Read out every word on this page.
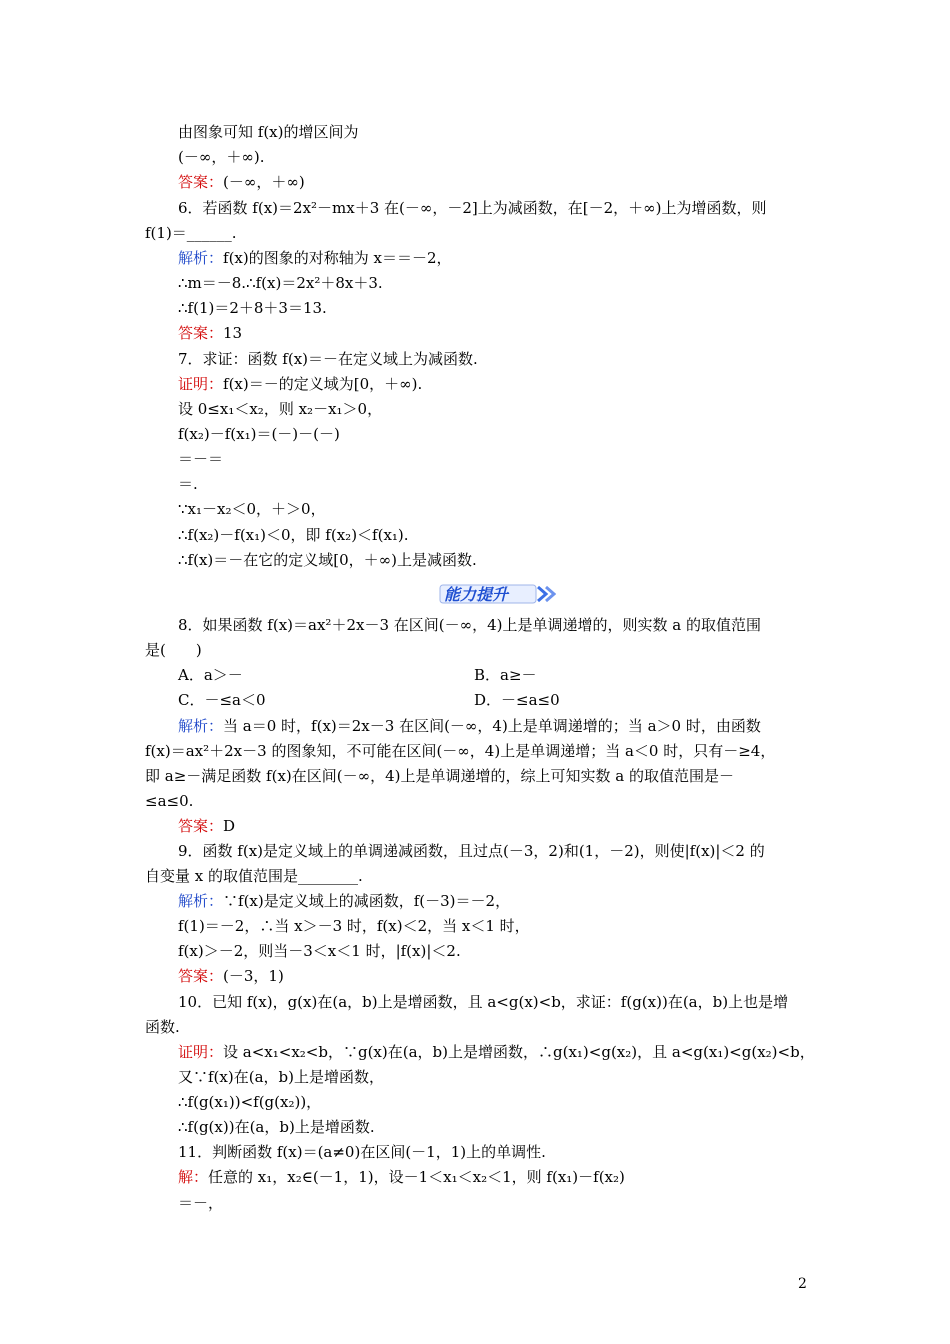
由图象可知 f(x)的增区间为
(－∞，＋∞).
答案：(－∞，＋∞)
6．若函数 f(x)＝2x²－mx＋3 在(－∞，－2]上为减函数，在[－2，＋∞)上为增函数，则
f(1)＝______.
解析：f(x)的图象的对称轴为 x＝＝－2，
∴m＝－8.∴f(x)＝2x²＋8x＋3.
∴f(1)＝2＋8＋3＝13.
答案：13
7．求证：函数 f(x)＝－在定义域上为减函数.
证明：f(x)＝－的定义域为[0，＋∞).
设 0≤x₁＜x₂，则 x₂－x₁＞0，
f(x₂)－f(x₁)＝(－)－(－)
＝－＝
＝.
∵x₁－x₂＜0，＋＞0，
∴f(x₂)－f(x₁)＜0，即 f(x₂)＜f(x₁).
∴f(x)＝－在它的定义域[0，＋∞)上是减函数.
8．如果函数 f(x)＝ax²＋2x－3 在区间(－∞，4)上是单调递增的，则实数 a 的取值范围
是(　　)
C．－≤a＜0
解析：当 a＝0 时，f(x)＝2x－3 在区间(－∞，4)上是单调递增的；当 a＞0 时，由函数
f(x)＝ax²＋2x－3 的图象知，不可能在区间(－∞，4)上是单调递增；当 a＜0 时，只有－≥4，
即 a≥－满足函数 f(x)在区间(－∞，4)上是单调递增的，综上可知实数 a 的取值范围是－
≤a≤0.
答案：D
9．函数 f(x)是定义域上的单调递减函数，且过点(－3，2)和(1，－2)，则使|f(x)|＜2 的
自变量 x 的取值范围是________.
解析：∵f(x)是定义域上的减函数，f(－3)＝－2，
f(1)＝－2，∴当 x＞－3 时，f(x)＜2，当 x＜1 时，
f(x)＞－2，则当－3＜x＜1 时，|f(x)|＜2.
答案：(－3，1)
10．已知 f(x)，g(x)在(a，b)上是增函数，且 a<g(x)<b，求证：f(g(x))在(a，b)上也是增
函数.
证明：设 a<x₁<x₂<b，∵g(x)在(a，b)上是增函数，∴g(x₁)<g(x₂)，且 a<g(x₁)<g(x₂)<b，
又∵f(x)在(a，b)上是增函数，
∴f(g(x₁))<f(g(x₂))，
∴f(g(x))在(a，b)上是增函数.
11．判断函数 f(x)＝(a≠0)在区间(－1，1)上的单调性.
解：任意的 x₁，x₂∈(－1，1)，设－1＜x₁＜x₂＜1，则 f(x₁)－f(x₂)
＝－，
能力提升
A．a＞－	B．a≥－
D．－≤a≤0
2
